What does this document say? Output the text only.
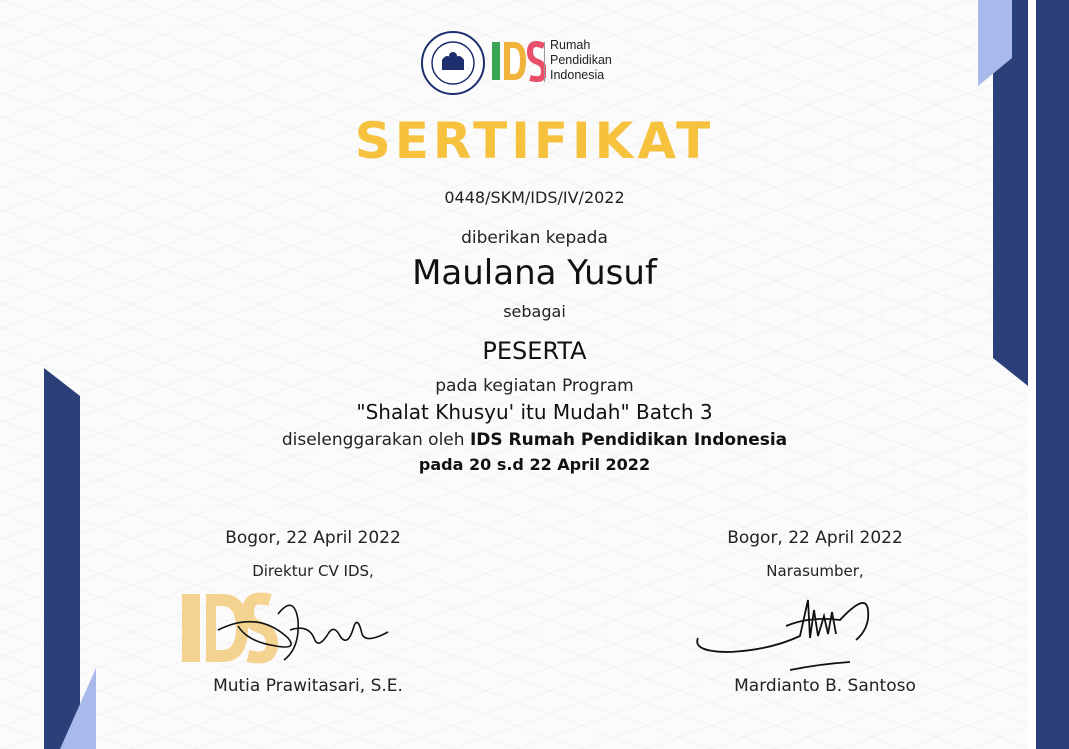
Rumah
Pendidikan
Indonesia
SERTIFIKAT
0448/SKM/IDS/IV/2022
diberikan kepada
Maulana Yusuf
sebagai
PESERTA
pada kegiatan Program
"Shalat Khusyu' itu Mudah" Batch 3
diselenggarakan oleh IDS Rumah Pendidikan Indonesia
pada 20 s.d 22 April 2022
Bogor, 22 April 2022
Direktur CV IDS,
Mutia Prawitasari, S.E.
Bogor, 22 April 2022
Narasumber,
Mardianto B. Santoso
